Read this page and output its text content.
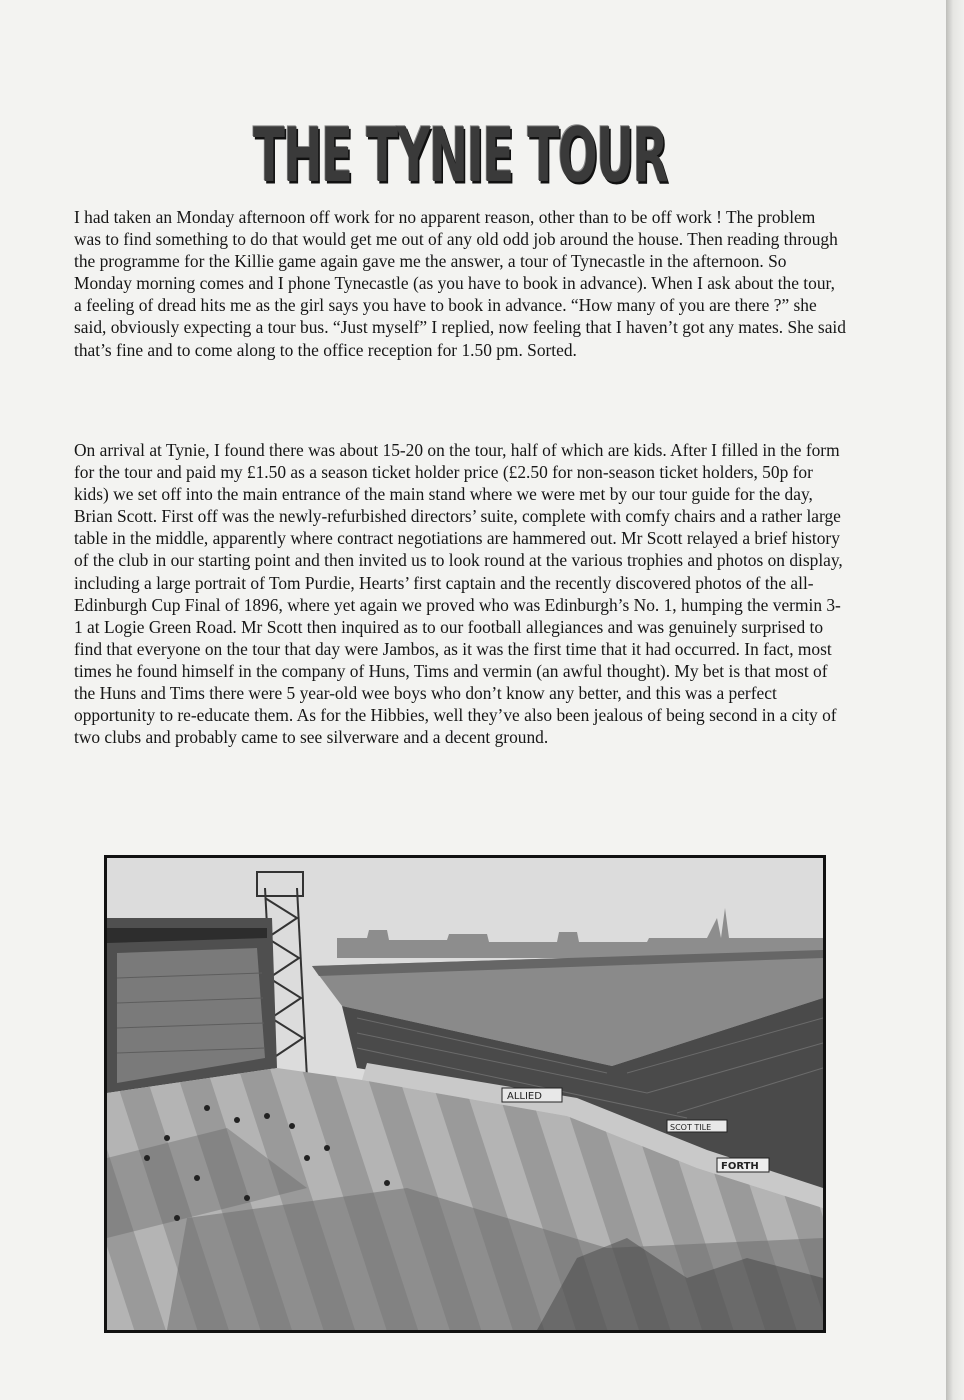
THE TYNIE TOUR

I had taken an Monday afternoon off work for no apparent reason, other than to be off work ! The problem was to find something to do that would get me out of any old odd job around the house. Then reading through the programme for the Killie game again gave me the answer, a tour of Tynecastle in the afternoon. So Monday morning comes and I phone Tynecastle (as you have to book in advance). When I ask about the tour, a feeling of dread hits me as the girl says you have to book in advance. “How many of you are there ?” she said, obviously expecting a tour bus. “Just myself” I replied, now feeling that I haven’t got any mates. She said that’s fine and to come along to the office reception for 1.50 pm. Sorted.

On arrival at Tynie, I found there was about 15-20 on the tour, half of which are kids. After I filled in the form for the tour and paid my £1.50 as a season ticket holder price (£2.50 for non-season ticket holders, 50p for kids) we set off into the main entrance of the main stand where we were met by our tour guide for the day, Brian Scott. First off was the newly-refurbished directors’ suite, complete with comfy chairs and a rather large table in the middle, apparently where contract negotiations are hammered out. Mr Scott relayed a brief history of the club in our starting point and then invited us to look round at the various trophies and photos on display, including a large portrait of Tom Purdie, Hearts’ first captain and the recently discovered photos of the all-Edinburgh Cup Final of 1896, where yet again we proved who was Edinburgh’s No. 1, humping the vermin 3-1 at Logie Green Road. Mr Scott then inquired as to our football allegiances and was genuinely surprised to find that everyone on the tour that day were Jambos, as it was the first time that it had occurred. In fact, most times he found himself in the company of Huns, Tims and vermin (an awful thought). My bet is that most of the Huns and Tims there were 5 year-old wee boys who don’t know any better, and this was a perfect opportunity to re-educate them. As for the Hibbies, well they’ve also been jealous of being second in a city of two clubs and probably came to see silverware and a decent ground.

ALLIED
SCOT TILE
FORTH
